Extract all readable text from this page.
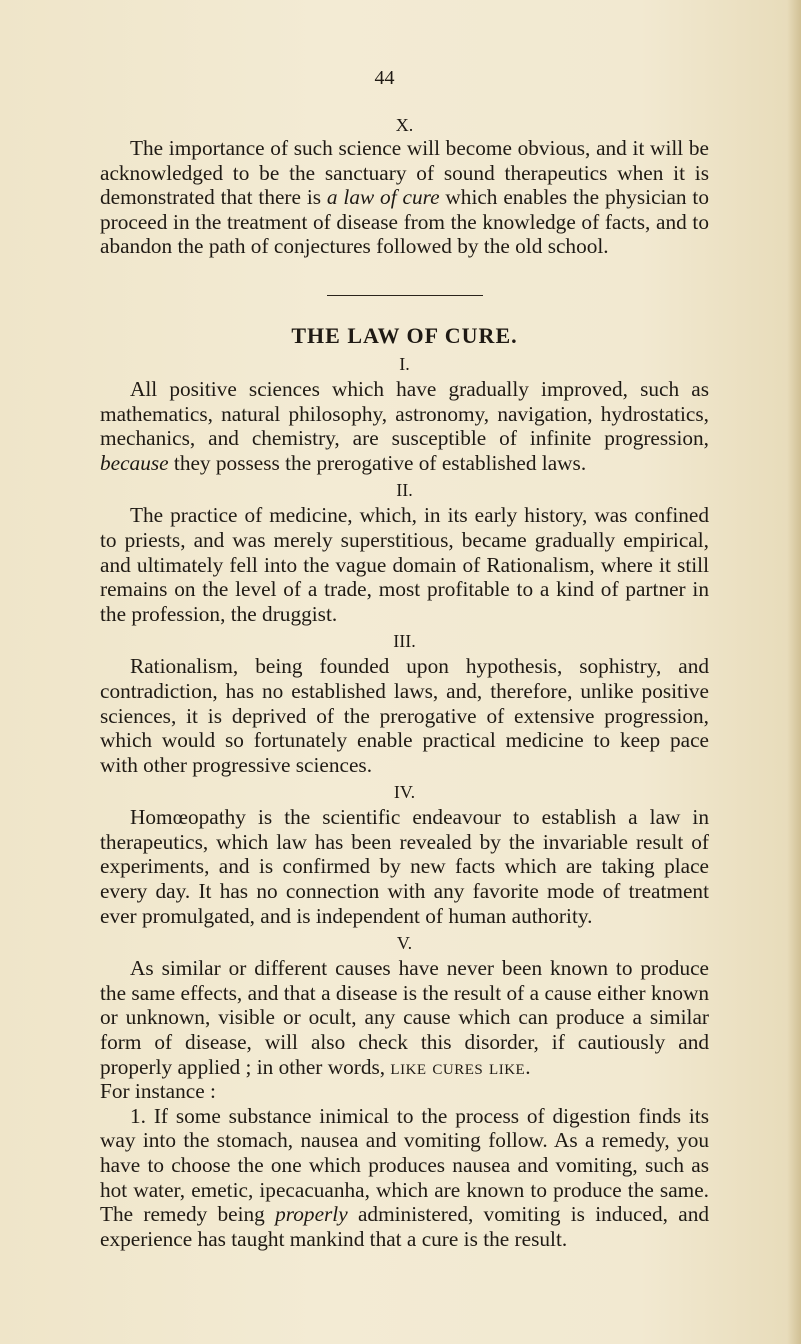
44
X.

The importance of such science will become obvious, and it will be acknowledged to be the sanctuary of sound therapeutics when it is demonstrated that there is a law of cure which enables the physician to proceed in the treatment of disease from the knowledge of facts, and to abandon the path of conjectures followed by the old school.

THE LAW OF CURE.
I.

All positive sciences which have gradually improved, such as mathematics, natural philosophy, astronomy, navigation, hydrostatics, mechanics, and chemistry, are susceptible of infinite progression, because they possess the prerogative of established laws.

II.

The practice of medicine, which, in its early history, was confined to priests, and was merely superstitious, became gradually empirical, and ultimately fell into the vague domain of Rationalism, where it still remains on the level of a trade, most profitable to a kind of partner in the profession, the druggist.

III.

Rationalism, being founded upon hypothesis, sophistry, and contradiction, has no established laws, and, therefore, unlike positive sciences, it is deprived of the prerogative of extensive progression, which would so fortunately enable practical medicine to keep pace with other progressive sciences.

IV.

Homœopathy is the scientific endeavour to establish a law in therapeutics, which law has been revealed by the invariable result of experiments, and is confirmed by new facts which are taking place every day. It has no connection with any favorite mode of treatment ever promulgated, and is independent of human authority.

V.

As similar or different causes have never been known to produce the same effects, and that a disease is the result of a cause either known or unknown, visible or ocult, any cause which can produce a similar form of disease, will also check this disorder, if cautiously and properly applied ; in other words, like cures like.

For instance :

1. If some substance inimical to the process of digestion finds its way into the stomach, nausea and vomiting follow. As a remedy, you have to choose the one which produces nausea and vomiting, such as hot water, emetic, ipecacuanha, which are known to produce the same. The remedy being properly administered, vomiting is induced, and experience has taught mankind that a cure is the result.
